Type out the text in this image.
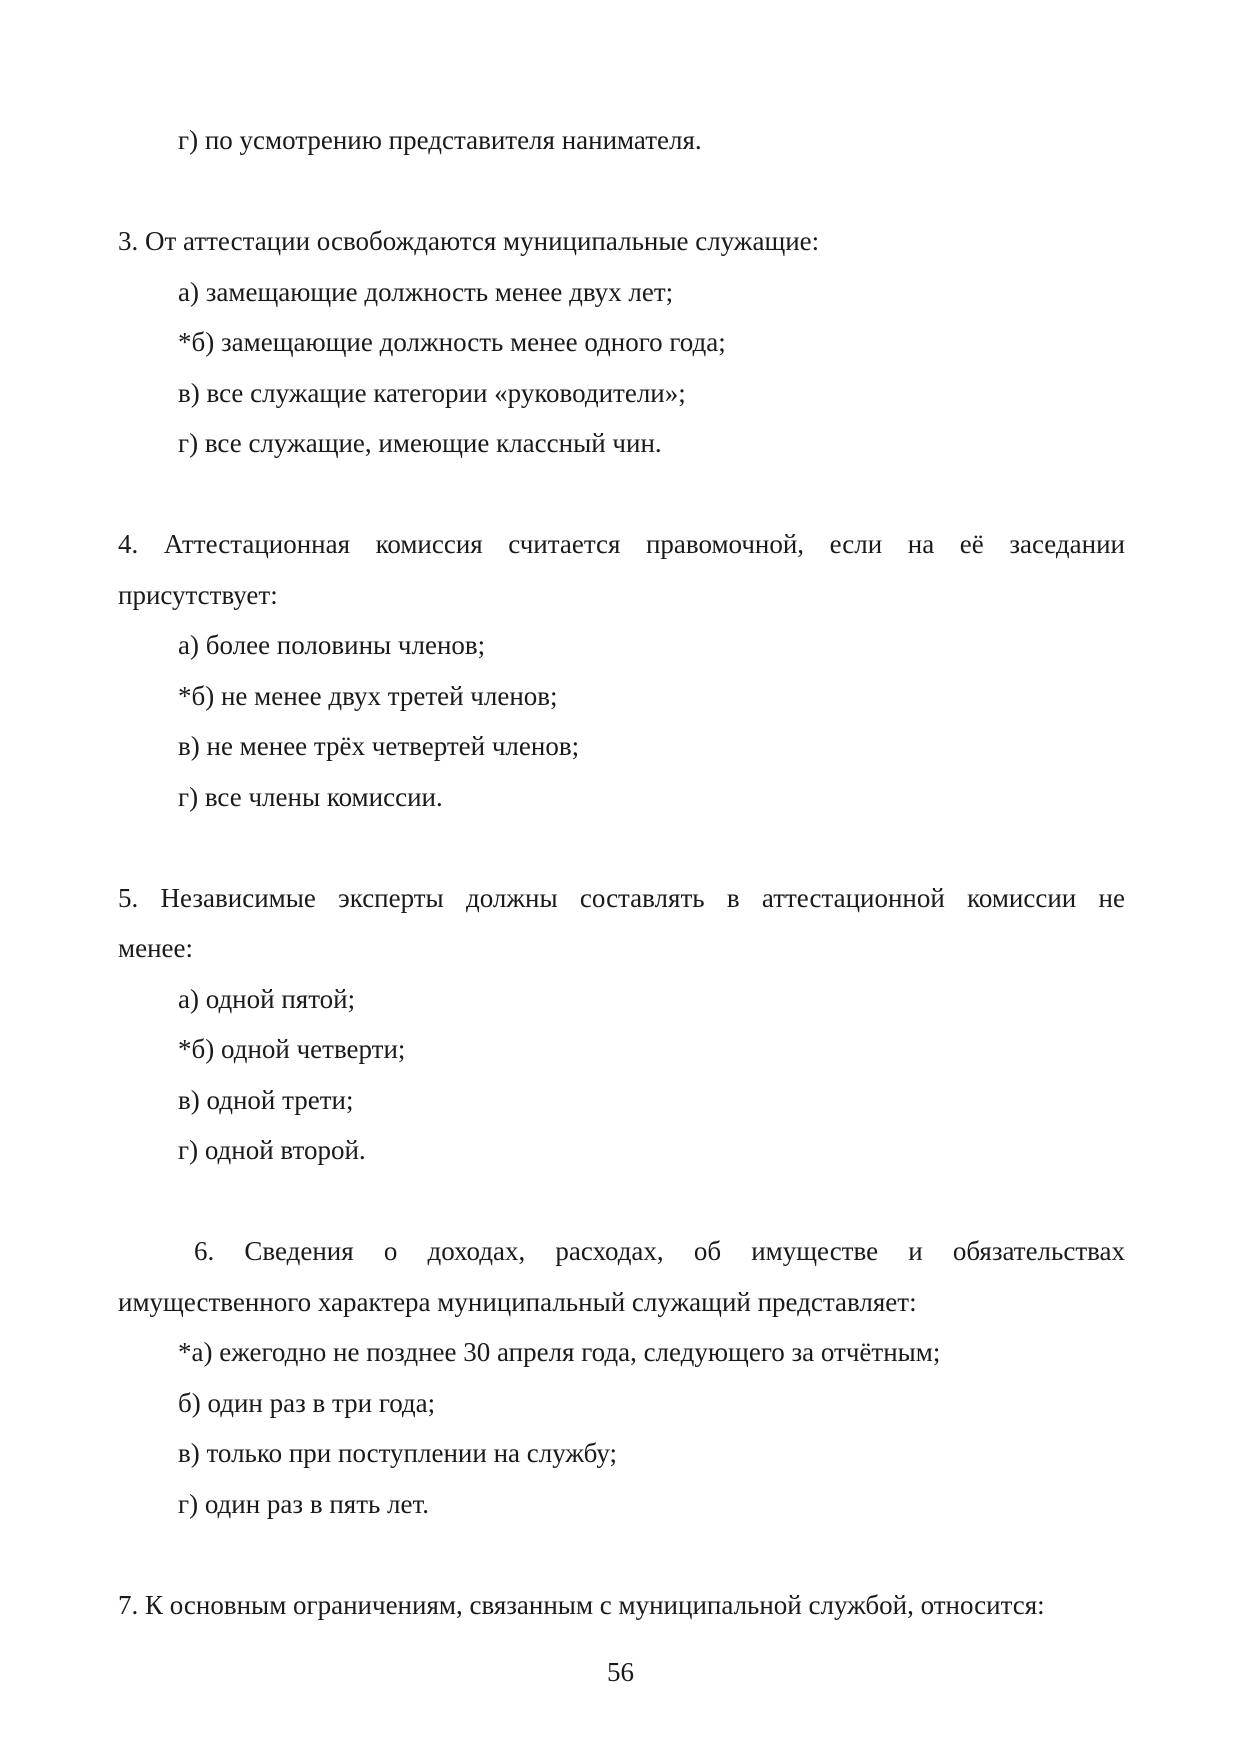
г) по усмотрению представителя нанимателя.
3. От аттестации освобождаются муниципальные служащие:
а) замещающие должность менее двух лет;
*б) замещающие должность менее одного года;
в) все служащие категории «руководители»;
г) все служащие, имеющие классный чин.
4. Аттестационная комиссия считается правомочной, если на её заседании
присутствует:
а) более половины членов;
*б) не менее двух третей членов;
в) не менее трёх четвертей членов;
г) все члены комиссии.
5. Независимые эксперты должны составлять в аттестационной комиссии не
менее:
а) одной пятой;
*б) одной четверти;
в) одной трети;
г) одной второй.
6. Сведения о доходах, расходах, об имуществе и обязательствах
имущественного характера муниципальный служащий представляет:
*а) ежегодно не позднее 30 апреля года, следующего за отчётным;
б) один раз в три года;
в) только при поступлении на службу;
г) один раз в пять лет.
7. К основным ограничениям, связанным с муниципальной службой, относится:
56
